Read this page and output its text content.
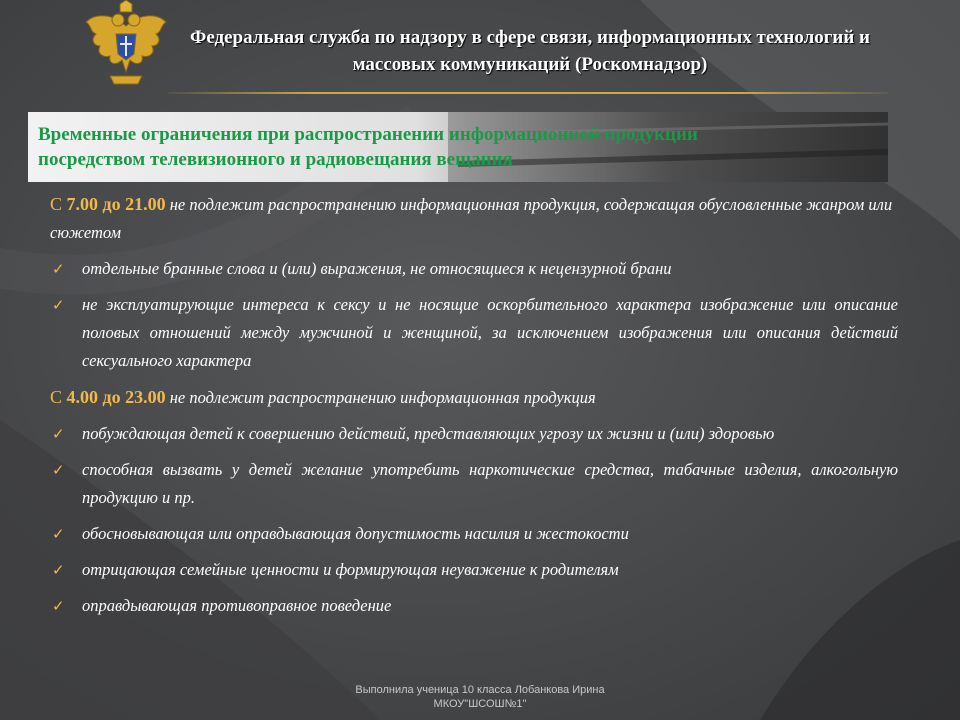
Федеральная служба по надзору в сфере связи, информационных технологий и
массовых коммуникаций (Роскомнадзор)
Временные ограничения при распространении информационной продукции
посредством телевизионного и радиовещания вещания

С 7.00 до 21.00 не подлежит распространению информационная продукция, содержащая обусловленные жанром или сюжетом

✓ отдельные бранные слова и (или) выражения, не относящиеся к нецензурной брани
✓ не эксплуатирующие интереса к сексу и не носящие оскорбительного характера изображение или описание половых отношений между мужчиной и женщиной, за исключением изображения или описания действий сексуального характера

С 4.00 до 23.00 не подлежит распространению информационная продукция

✓ побуждающая детей к совершению действий, представляющих угрозу их жизни и (или) здоровью
✓ способная вызвать у детей желание употребить наркотические средства, табачные изделия, алкогольную продукцию и пр.
✓ обосновывающая или оправдывающая допустимость насилия и жестокости
✓ отрицающая семейные ценности и формирующая неуважение к родителям
✓ оправдывающая противоправное поведение
Выполнила ученица 10 класса Лобанкова Ирина
МКОУ"ШСОШ№1"
